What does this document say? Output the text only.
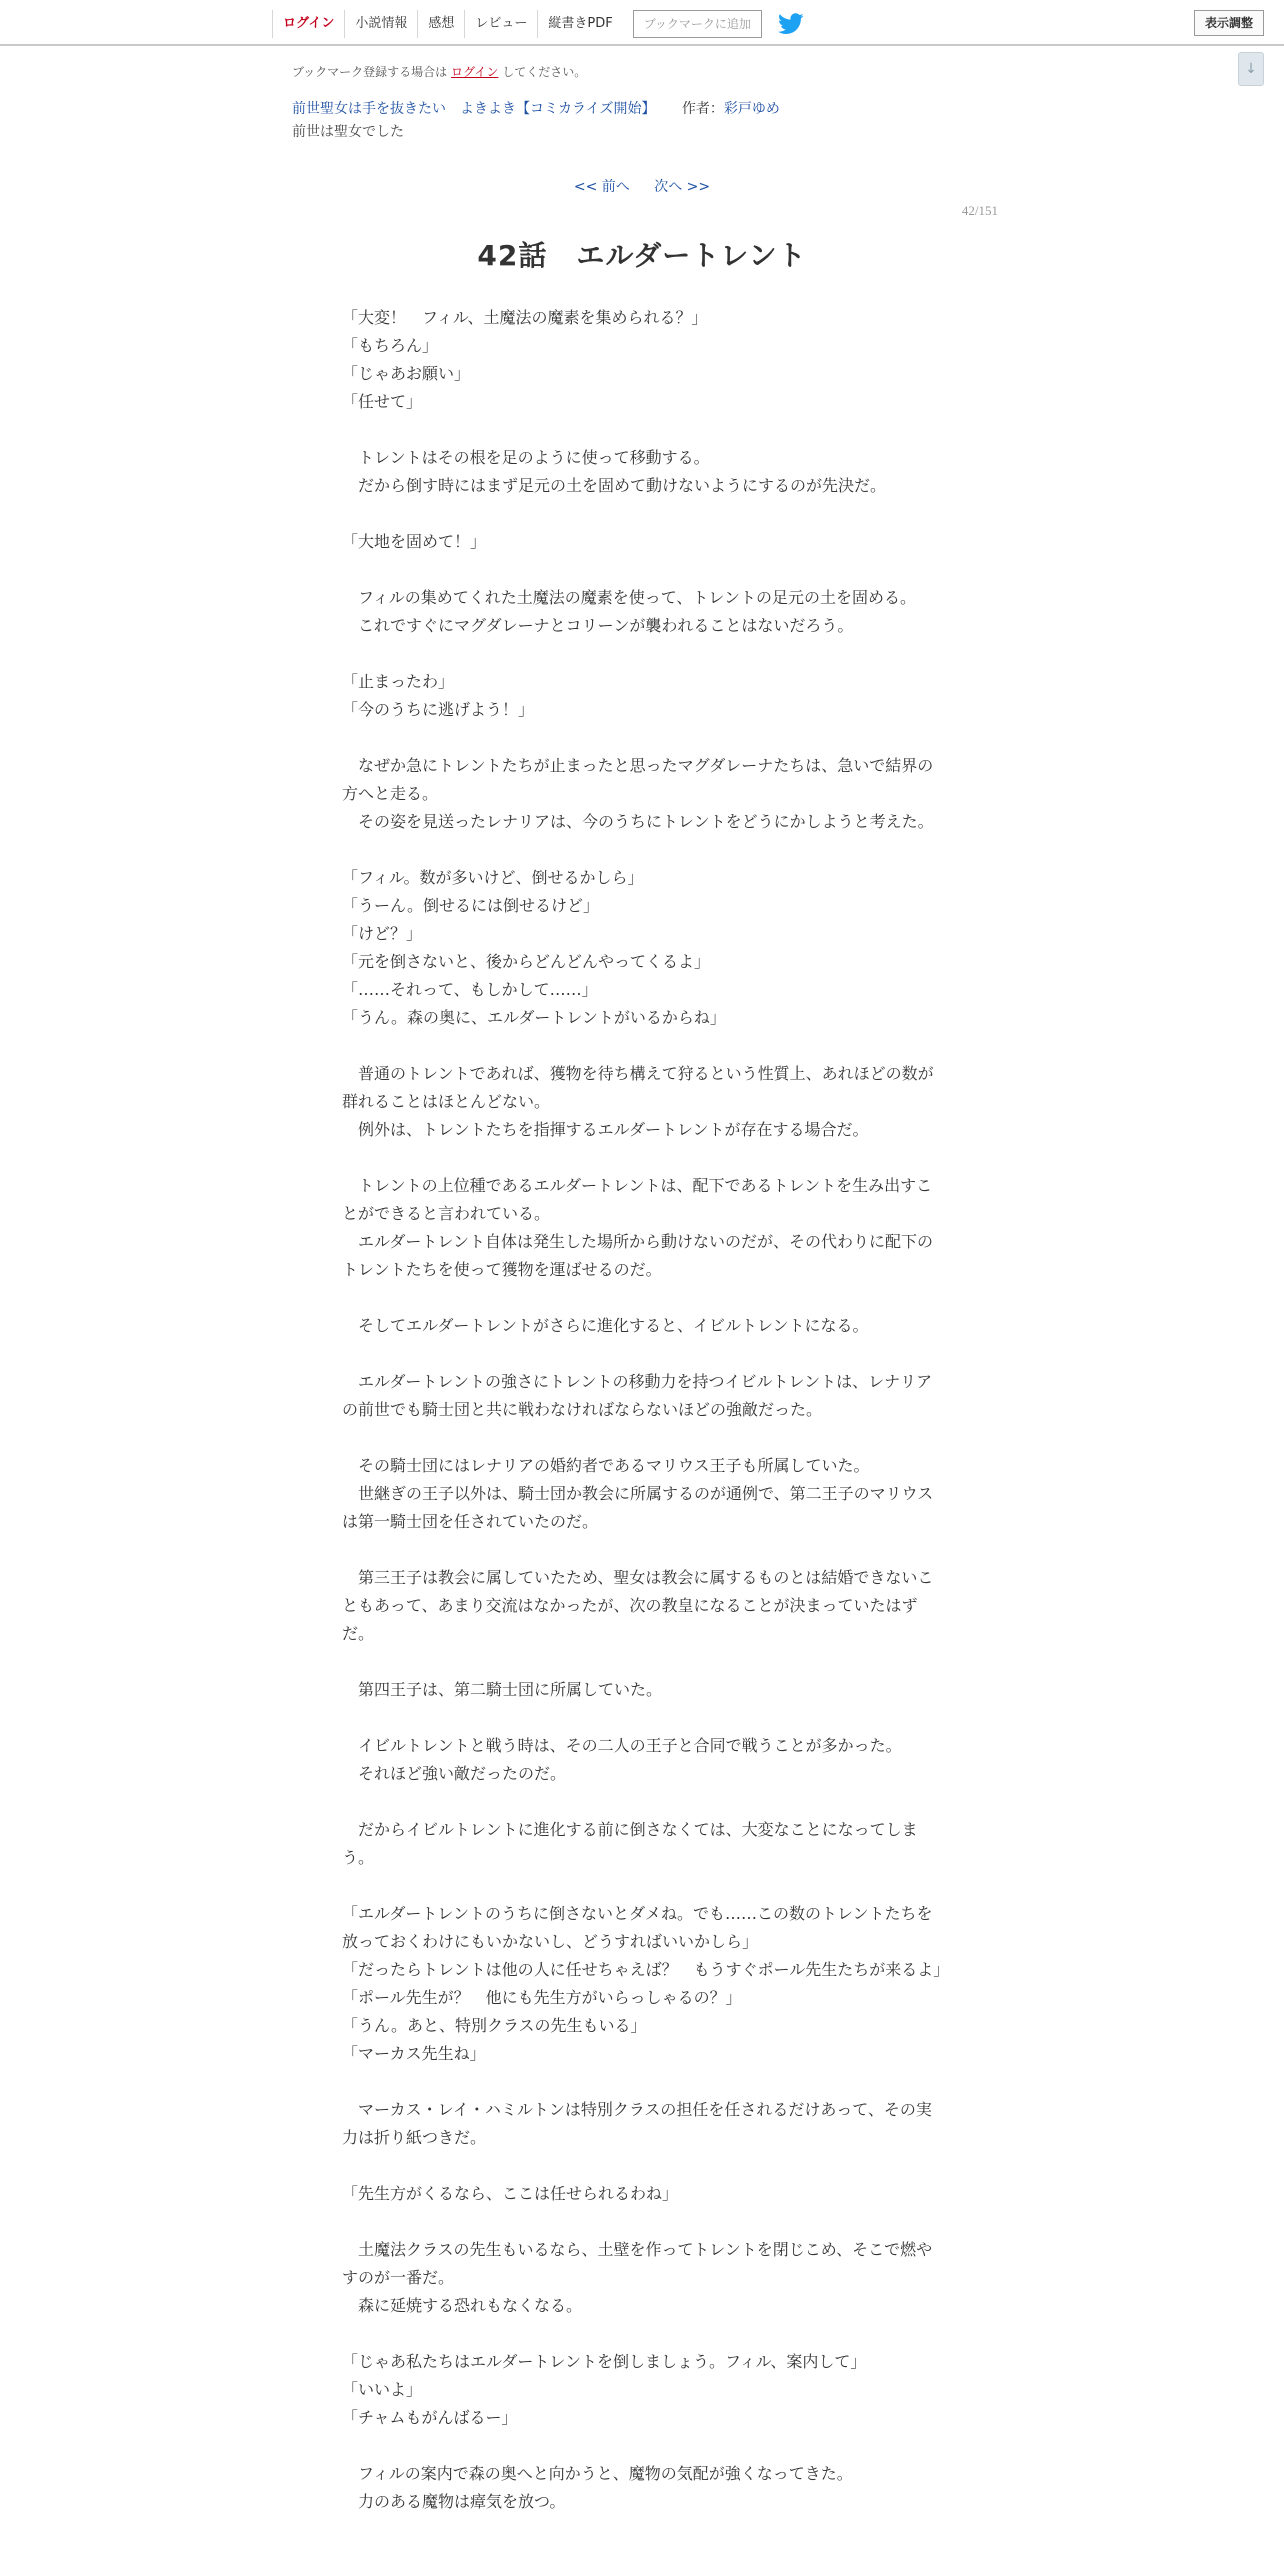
ログイン	小説情報	感想	レビュー	縦書きPDF	ブックマークに追加	表示調整
↓
ブックマーク登録する場合は ログイン してください。
前世聖女は手を抜きたい　よきよき【コミカライズ開始】 作者：彩戸ゆめ
前世は聖女でした
<< 前へ 次へ >>
42/151
42話　エルダートレント

「大変！　フィル、土魔法の魔素を集められる？」

「もちろん」

「じゃあお願い」

「任せて」

　トレントはその根を足のように使って移動する。

　だから倒す時にはまず足元の土を固めて動けないようにするのが先決だ。

「大地を固めて！」

　フィルの集めてくれた土魔法の魔素を使って、トレントの足元の土を固める。

　これですぐにマグダレーナとコリーンが襲われることはないだろう。

「止まったわ」

「今のうちに逃げよう！」

　なぜか急にトレントたちが止まったと思ったマグダレーナたちは、急いで結界の方へと走る。

　その姿を見送ったレナリアは、今のうちにトレントをどうにかしようと考えた。

「フィル。数が多いけど、倒せるかしら」

「うーん。倒せるには倒せるけど」

「けど？」

「元を倒さないと、後からどんどんやってくるよ」

「……それって、もしかして……」

「うん。森の奥に、エルダートレントがいるからね」

　普通のトレントであれば、獲物を待ち構えて狩るという性質上、あれほどの数が群れることはほとんどない。

　例外は、トレントたちを指揮するエルダートレントが存在する場合だ。

　トレントの上位種であるエルダートレントは、配下であるトレントを生み出すことができると言われている。

　エルダートレント自体は発生した場所から動けないのだが、その代わりに配下のトレントたちを使って獲物を運ばせるのだ。

　そしてエルダートレントがさらに進化すると、イビルトレントになる。

　エルダートレントの強さにトレントの移動力を持つイビルトレントは、レナリアの前世でも騎士団と共に戦わなければならないほどの強敵だった。

　その騎士団にはレナリアの婚約者であるマリウス王子も所属していた。

　世継ぎの王子以外は、騎士団か教会に所属するのが通例で、第二王子のマリウスは第一騎士団を任されていたのだ。

　第三王子は教会に属していたため、聖女は教会に属するものとは結婚できないこともあって、あまり交流はなかったが、次の教皇になることが決まっていたはずだ。

　第四王子は、第二騎士団に所属していた。

　イビルトレントと戦う時は、その二人の王子と合同で戦うことが多かった。

　それほど強い敵だったのだ。

　だからイビルトレントに進化する前に倒さなくては、大変なことになってしまう。

「エルダートレントのうちに倒さないとダメね。でも……この数のトレントたちを放っておくわけにもいかないし、どうすればいいかしら」

「だったらトレントは他の人に任せちゃえば？　もうすぐポール先生たちが来るよ」

「ポール先生が？　他にも先生方がいらっしゃるの？」

「うん。あと、特別クラスの先生もいる」

「マーカス先生ね」

　マーカス・レイ・ハミルトンは特別クラスの担任を任されるだけあって、その実力は折り紙つきだ。

「先生方がくるなら、ここは任せられるわね」

　土魔法クラスの先生もいるなら、土壁を作ってトレントを閉じこめ、そこで燃やすのが一番だ。

　森に延焼する恐れもなくなる。

「じゃあ私たちはエルダートレントを倒しましょう。フィル、案内して」

「いいよ」

「チャムもがんばるー」

　フィルの案内で森の奥へと向かうと、魔物の気配が強くなってきた。

　力のある魔物は瘴気を放つ。
